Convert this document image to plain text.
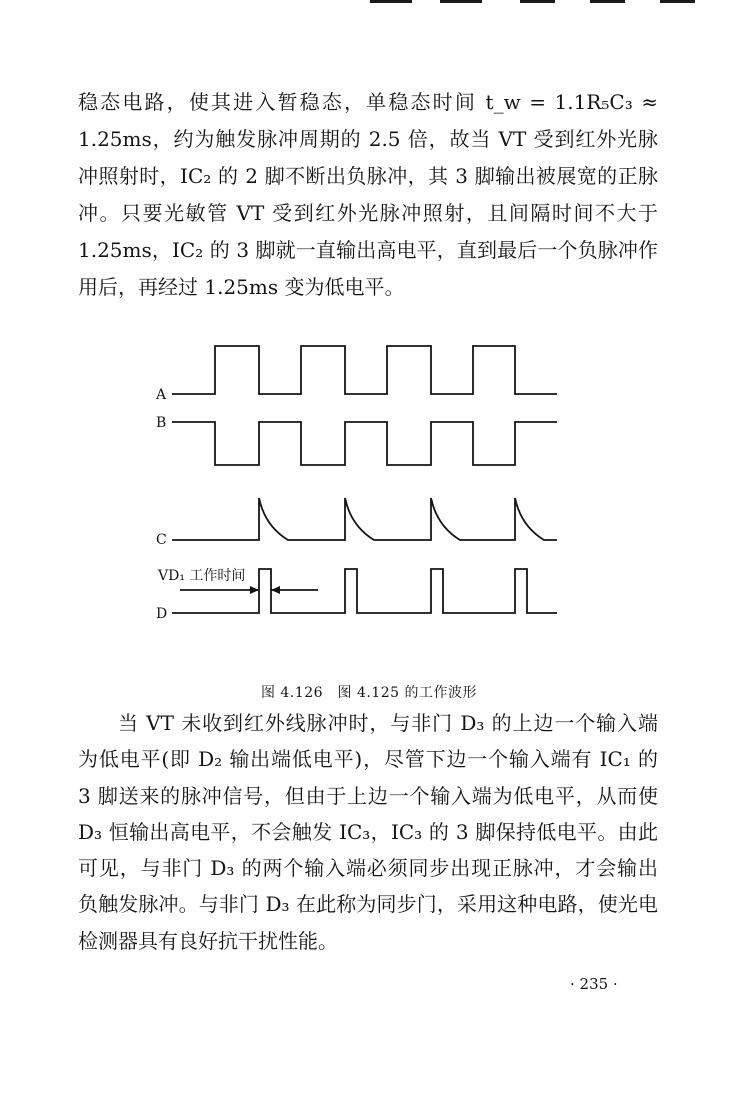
稳态电路，使其进入暂稳态，单稳态时间 t_w = 1.1R₅C₃ ≈
1.25ms，约为触发脉冲周期的 2.5 倍，故当 VT 受到红外光脉
冲照射时，IC₂ 的 2 脚不断出负脉冲，其 3 脚输出被展宽的正脉
冲。只要光敏管 VT 受到红外光脉冲照射，且间隔时间不大于
1.25ms，IC₂ 的 3 脚就一直输出高电平，直到最后一个负脉冲作
用后，再经过 1.25ms 变为低电平。
A
B
C
VD₁ 工作时间
D
图 4.126　图 4.125 的工作波形
当 VT 未收到红外线脉冲时，与非门 D₃ 的上边一个输入端
为低电平(即 D₂ 输出端低电平)，尽管下边一个输入端有 IC₁ 的
3 脚送来的脉冲信号，但由于上边一个输入端为低电平，从而使
D₃ 恒输出高电平，不会触发 IC₃，IC₃ 的 3 脚保持低电平。由此
可见，与非门 D₃ 的两个输入端必须同步出现正脉冲，才会输出
负触发脉冲。与非门 D₃ 在此称为同步门，采用这种电路，使光电
检测器具有良好抗干扰性能。
· 235 ·
